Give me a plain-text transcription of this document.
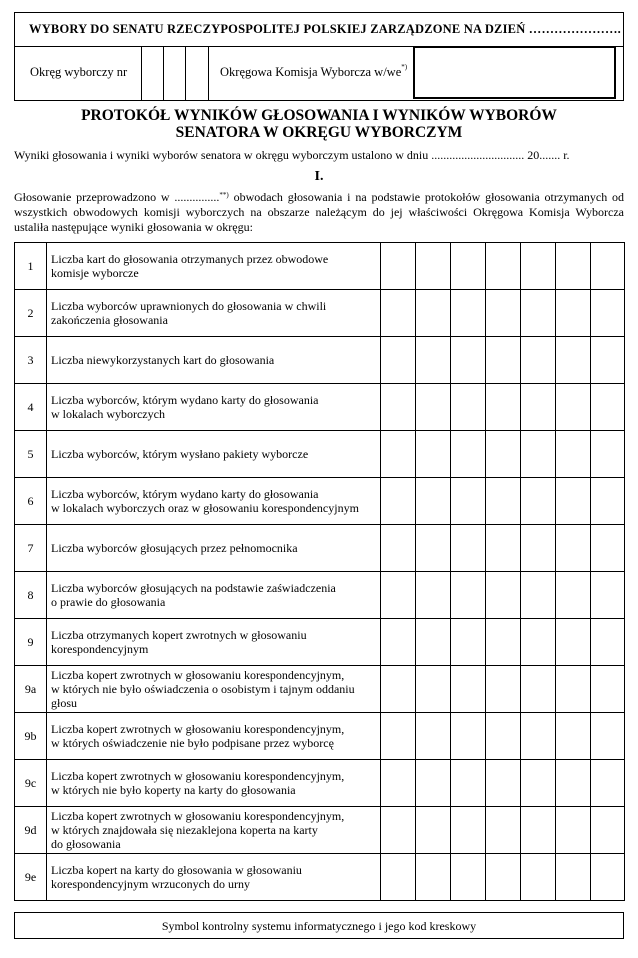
WYBORY DO SENATU RZECZYPOSPOLITEJ POLSKIEJ ZARZĄDZONE NA DZIEŃ ………………….
Okręg wyborczy nr	Okręgowa Komisja Wyborcza w/we*)
PROTOKÓŁ WYNIKÓW GŁOSOWANIA I WYNIKÓW WYBORÓW
SENATORA W OKRĘGU WYBORCZYM
Wyniki głosowania i wyniki wyborów senatora w okręgu wyborczym ustalono w dniu ............................... 20....... r.
I.
Głosowanie przeprowadzono w ...............**) obwodach głosowania i na podstawie protokołów głosowania otrzymanych od wszystkich obwodowych komisji wyborczych na obszarze należącym do jej właściwości Okręgowa Komisja Wyborcza ustaliła następujące wyniki głosowania w okręgu:
1	Liczba kart do głosowania otrzymanych przez obwodowe
komisje wyborcze							

2	Liczba wyborców uprawnionych do głosowania w chwili
zakończenia głosowania							

3	Liczba niewykorzystanych kart do głosowania							

4	Liczba wyborców, którym wydano karty do głosowania
w lokalach wyborczych							

5	Liczba wyborców, którym wysłano pakiety wyborcze							

6	Liczba wyborców, którym wydano karty do głosowania
w lokalach wyborczych oraz w głosowaniu korespondencyjnym							

7	Liczba wyborców głosujących przez pełnomocnika							

8	Liczba wyborców głosujących na podstawie zaświadczenia
o prawie do głosowania							

9	Liczba otrzymanych kopert zwrotnych w głosowaniu
korespondencyjnym							

9a	Liczba kopert zwrotnych w głosowaniu korespondencyjnym,
w których nie było oświadczenia o osobistym i tajnym oddaniu
głosu							

9b	Liczba kopert zwrotnych w głosowaniu korespondencyjnym,
w których oświadczenie nie było podpisane przez wyborcę							

9c	Liczba kopert zwrotnych w głosowaniu korespondencyjnym,
w których nie było koperty na karty do głosowania							

9d	Liczba kopert zwrotnych w głosowaniu korespondencyjnym,
w których znajdowała się niezaklejona koperta na karty
do głosowania							

9e	Liczba kopert na karty do głosowania w głosowaniu
korespondencyjnym wrzuconych do urny							

Symbol kontrolny systemu informatycznego i jego kod kreskowy
